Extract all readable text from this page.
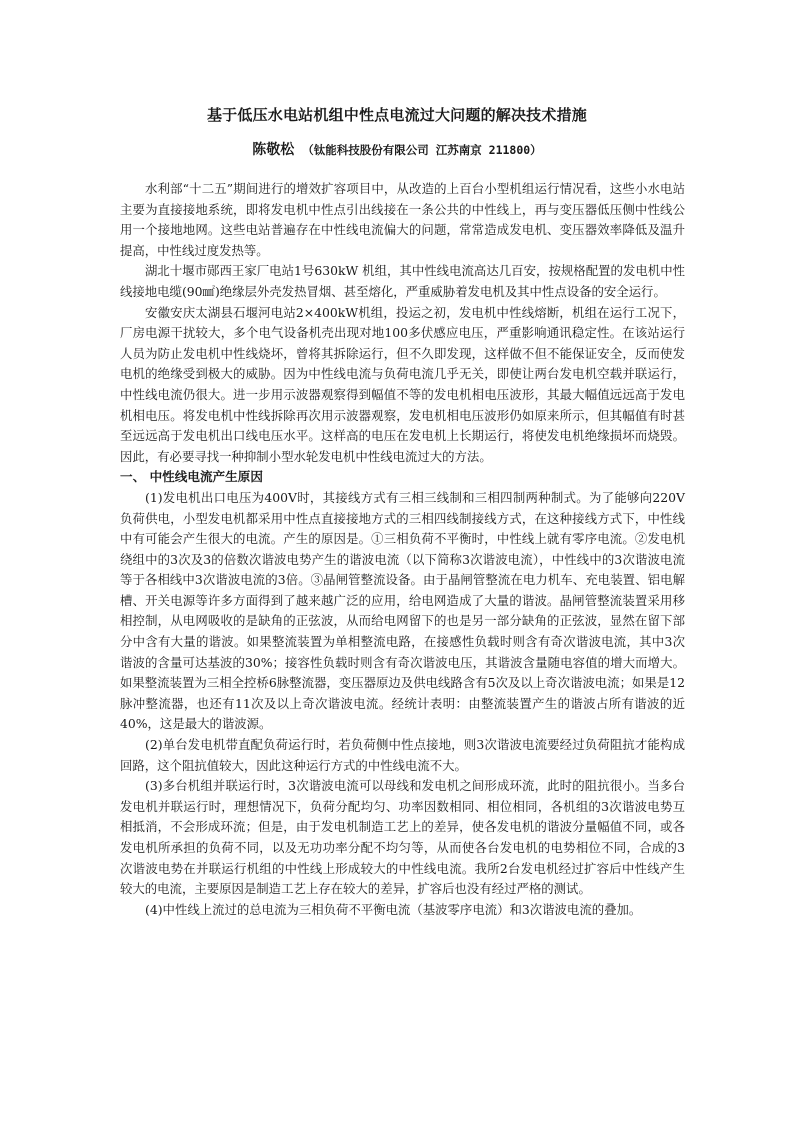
基于低压水电站机组中性点电流过大问题的解决技术措施
陈敬松 （钛能科技股份有限公司 江苏南京 211800）

水利部“十二五”期间进行的增效扩容项目中，从改造的上百台小型机组运行情况看，这些小水电站主要为直接接地系统，即将发电机中性点引出线接在一条公共的中性线上，再与变压器低压侧中性线公用一个接地地网。这些电站普遍存在中性线电流偏大的问题，常常造成发电机、变压器效率降低及温升提高，中性线过度发热等。

湖北十堰市郧西王家厂电站1号630kW 机组，其中性线电流高达几百安，按规格配置的发电机中性线接地电缆(90㎟)绝缘层外壳发热冒烟、甚至熔化，严重威胁着发电机及其中性点设备的安全运行。

安徽安庆太湖县石堰河电站2×400kW机组，投运之初，发电机中性线熔断，机组在运行工况下，厂房电源干扰较大，多个电气设备机壳出现对地100多伏感应电压，严重影响通讯稳定性。在该站运行人员为防止发电机中性线烧坏，曾将其拆除运行，但不久即发现，这样做不但不能保证安全，反而使发电机的绝缘受到极大的威胁。因为中性线电流与负荷电流几乎无关，即使让两台发电机空载并联运行，中性线电流仍很大。进一步用示波器观察得到幅值不等的发电机相电压波形，其最大幅值远远高于发电机相电压。将发电机中性线拆除再次用示波器观察，发电机相电压波形仍如原来所示，但其幅值有时甚至远远高于发电机出口线电压水平。这样高的电压在发电机上长期运行，将使发电机绝缘损坏而烧毁。因此，有必要寻找一种抑制小型水轮发电机中性线电流过大的方法。

一、 中性线电流产生原因

(1)发电机出口电压为400V时，其接线方式有三相三线制和三相四制两种制式。为了能够向220V负荷供电，小型发电机都采用中性点直接接地方式的三相四线制接线方式，在这种接线方式下，中性线中有可能会产生很大的电流。产生的原因是。①三相负荷不平衡时，中性线上就有零序电流。②发电机绕组中的3次及3的倍数次谐波电势产生的谐波电流（以下简称3次谐波电流），中性线中的3次谐波电流等于各相线中3次谐波电流的3倍。③晶闸管整流设备。由于晶闸管整流在电力机车、充电装置、铝电解槽、开关电源等许多方面得到了越来越广泛的应用，给电网造成了大量的谐波。晶闸管整流装置采用移相控制，从电网吸收的是缺角的正弦波，从而给电网留下的也是另一部分缺角的正弦波，显然在留下部分中含有大量的谐波。如果整流装置为单相整流电路，在接感性负载时则含有奇次谐波电流，其中3次谐波的含量可达基波的30%；接容性负载时则含有奇次谐波电压，其谐波含量随电容值的增大而增大。如果整流装置为三相全控桥6脉整流器，变压器原边及供电线路含有5次及以上奇次谐波电流；如果是12脉冲整流器，也还有11次及以上奇次谐波电流。经统计表明：由整流装置产生的谐波占所有谐波的近40%，这是最大的谐波源。

(2)单台发电机带直配负荷运行时，若负荷侧中性点接地，则3次谐波电流要经过负荷阻抗才能构成回路，这个阻抗值较大，因此这种运行方式的中性线电流不大。

(3)多台机组并联运行时，3次谐波电流可以母线和发电机之间形成环流，此时的阻抗很小。当多台发电机并联运行时，理想情况下，负荷分配均匀、功率因数相同、相位相同，各机组的3次谐波电势互相抵消，不会形成环流；但是，由于发电机制造工艺上的差异，使各发电机的谐波分量幅值不同，或各发电机所承担的负荷不同，以及无功功率分配不均匀等，从而使各台发电机的电势相位不同，合成的3次谐波电势在并联运行机组的中性线上形成较大的中性线电流。我所2台发电机经过扩容后中性线产生较大的电流，主要原因是制造工艺上存在较大的差异，扩容后也没有经过严格的测试。

(4)中性线上流过的总电流为三相负荷不平衡电流（基波零序电流）和3次谐波电流的叠加。
